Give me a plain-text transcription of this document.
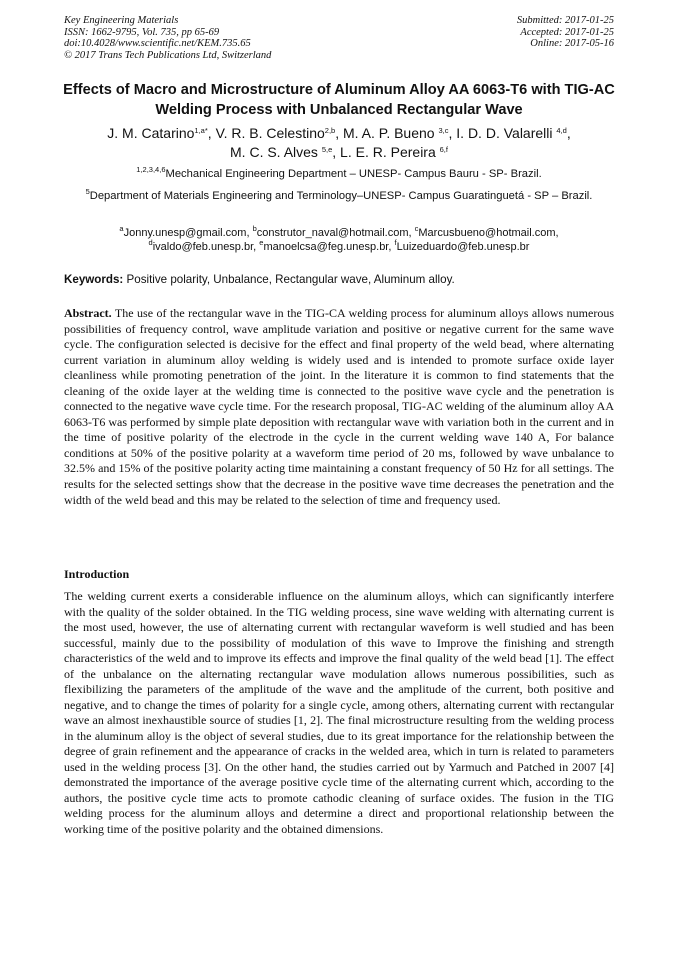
Key Engineering Materials
ISSN: 1662-9795, Vol. 735, pp 65-69
doi:10.4028/www.scientific.net/KEM.735.65
© 2017 Trans Tech Publications Ltd, Switzerland
Submitted: 2017-01-25
Accepted: 2017-01-25
Online: 2017-05-16
Effects of Macro and Microstructure of Aluminum Alloy AA 6063-T6 with TIG-AC Welding Process with Unbalanced Rectangular Wave
J. M. Catarino$^{1,a*}$, V. R. B. Celestino$^{2,b}$, M. A. P. Bueno $^{3,c}$, I. D. D. Valarelli $^{4,d}$,
M. C. S. Alves $^{5,e}$, L. E. R. Pereira $^{6,f}$
$^{1,2,3,4,6}$Mechanical Engineering Department – UNESP- Campus Bauru - SP- Brazil.
$^5$Department of Materials Engineering and Terminology–UNESP- Campus Guaratinguetá - SP – Brazil.
$^a$Jonny.unesp@gmail.com, $^b$construtor_naval@hotmail.com, $^c$Marcusbueno@hotmail.com,
$^d$ivaldo@feb.unesp.br, $^e$manoelcsa@feg.unesp.br, $^f$Luizeduardo@feb.unesp.br
Keywords: Positive polarity, Unbalance, Rectangular wave, Aluminum alloy.

Abstract. The use of the rectangular wave in the TIG-CA welding process for aluminum alloys allows numerous possibilities of frequency control, wave amplitude variation and positive or negative current for the same wave cycle. The configuration selected is decisive for the effect and final property of the weld bead, where alternating current variation in aluminum alloy welding is widely used and is intended to promote surface oxide layer cleanliness while promoting penetration of the joint. In the literature it is common to find statements that the cleaning of the oxide layer at the welding time is connected to the positive wave cycle and the penetration is connected to the negative wave cycle time. For the research proposal, TIG-AC welding of the aluminum alloy AA 6063-T6 was performed by simple plate deposition with rectangular wave with variation both in the current and in the time of positive polarity of the electrode in the cycle in the current welding wave 140 A, For balance conditions at 50% of the positive polarity at a waveform time period of 20 ms, followed by wave unbalance to 32.5% and 15% of the positive polarity acting time maintaining a constant frequency of 50 Hz for all settings. The results for the selected settings show that the decrease in the positive wave time decreases the penetration and the width of the weld bead and this may be related to the selection of time and frequency used.

Introduction

The welding current exerts a considerable influence on the aluminum alloys, which can significantly interfere with the quality of the solder obtained. In the TIG welding process, sine wave welding with alternating current is the most used, however, the use of alternating current with rectangular waveform is well studied and has been successful, mainly due to the possibility of modulation of this wave to Improve the finishing and strength characteristics of the weld and to improve its effects and improve the final quality of the weld bead [1]. The effect of the unbalance on the alternating rectangular wave modulation allows numerous possibilities, such as flexibilizing the parameters of the amplitude of the wave and the amplitude of the current, both positive and negative, and to change the times of polarity for a single cycle, among others, alternating current with rectangular wave an almost inexhaustible source of studies [1, 2]. The final microstructure resulting from the welding process in the aluminum alloy is the object of several studies, due to its great importance for the relationship between the degree of grain refinement and the appearance of cracks in the welded area, which in turn is related to parameters used in the welding process [3]. On the other hand, the studies carried out by Yarmuch and Patched in 2007 [4] demonstrated the importance of the average positive cycle time of the alternating current which, according to the authors, the positive cycle time acts to promote cathodic cleaning of surface oxides. The fusion in the TIG welding process for the aluminum alloys and determine a direct and proportional relationship between the working time of the positive polarity and the obtained dimensions.
